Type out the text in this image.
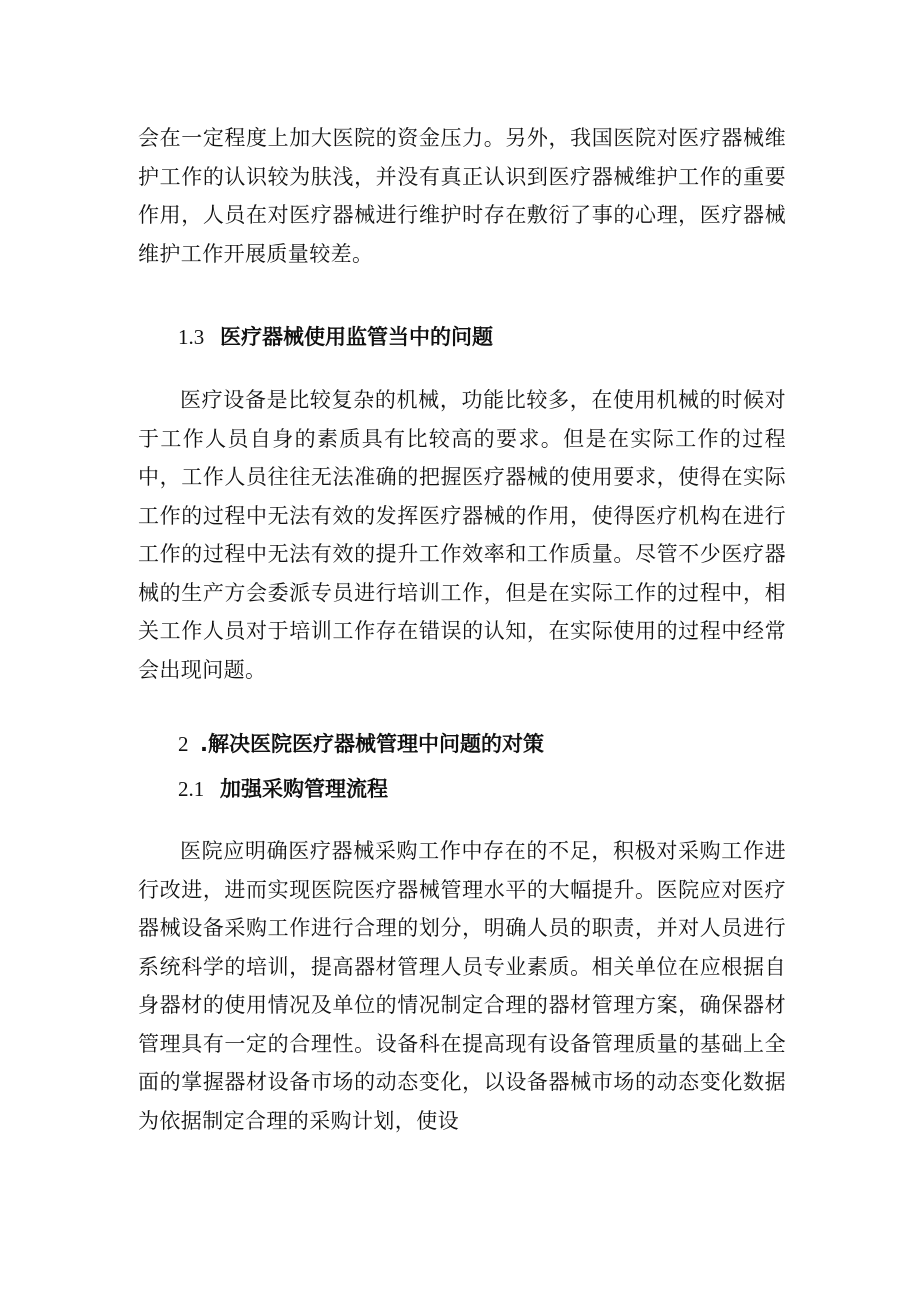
会在一定程度上加大医院的资金压力。另外，我国医院对医疗器械维护工作的认识较为肤浅，并没有真正认识到医疗器械维护工作的重要作用，人员在对医疗器械进行维护时存在敷衍了事的心理，医疗器械维护工作开展质量较差。

1.3 医疗器械使用监管当中的问题

医疗设备是比较复杂的机械，功能比较多，在使用机械的时候对于工作人员自身的素质具有比较高的要求。但是在实际工作的过程中，工作人员往往无法准确的把握医疗器械的使用要求，使得在实际工作的过程中无法有效的发挥医疗器械的作用，使得医疗机构在进行工作的过程中无法有效的提升工作效率和工作质量。尽管不少医疗器械的生产方会委派专员进行培训工作，但是在实际工作的过程中，相关工作人员对于培训工作存在错误的认知，在实际使用的过程中经常会出现问题。

2 .解决医院医疗器械管理中问题的对策
2.1 加强采购管理流程

医院应明确医疗器械采购工作中存在的不足，积极对采购工作进行改进，进而实现医院医疗器械管理水平的大幅提升。医院应对医疗器械设备采购工作进行合理的划分，明确人员的职责，并对人员进行系统科学的培训，提高器材管理人员专业素质。相关单位在应根据自身器材的使用情况及单位的情况制定合理的器材管理方案，确保器材管理具有一定的合理性。设备科在提高现有设备管理质量的基础上全面的掌握器材设备市场的动态变化，以设备器械市场的动态变化数据为依据制定合理的采购计划，使设
